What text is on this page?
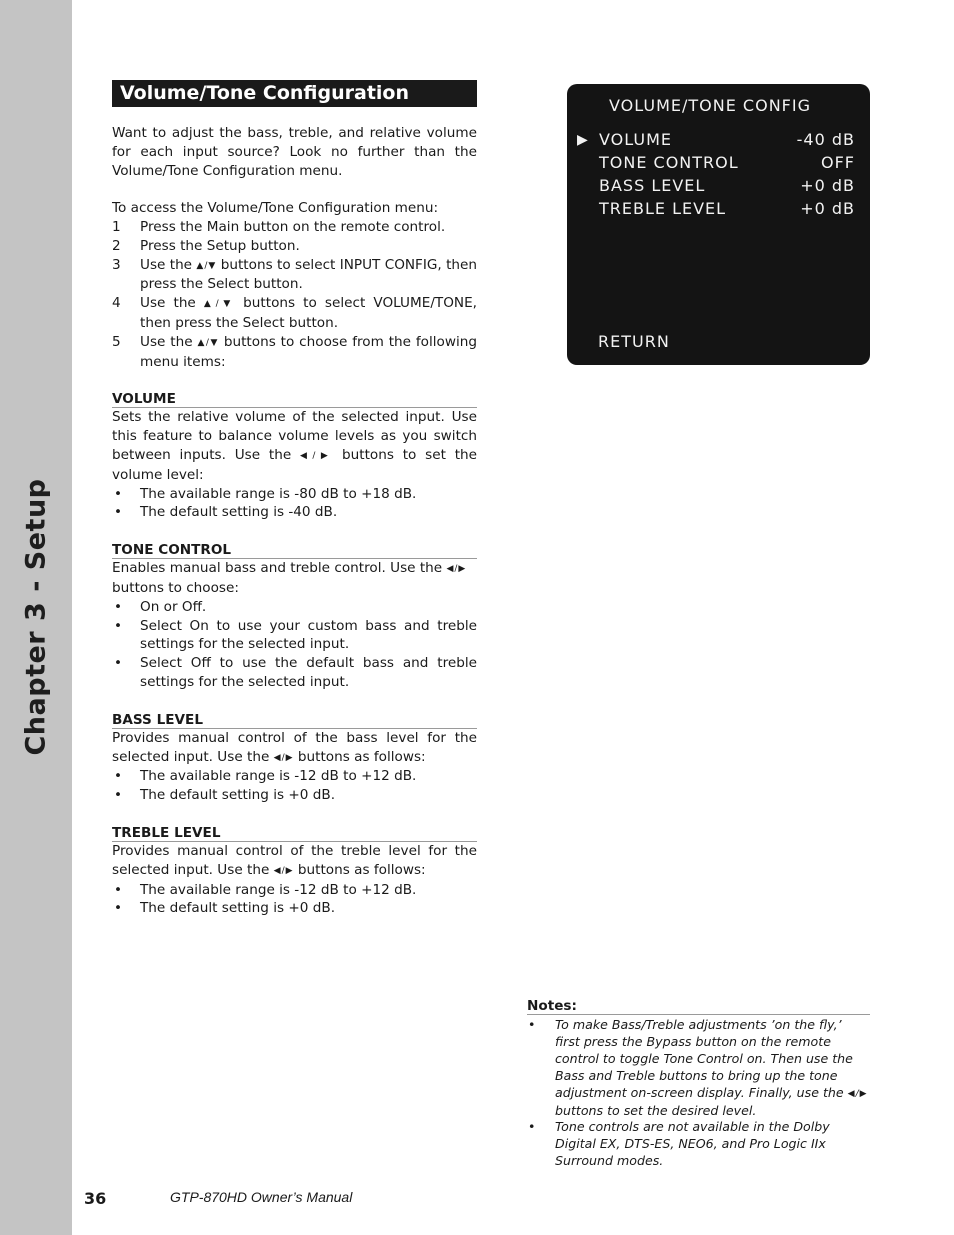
Chapter 3 - Setup
Volume/Tone Configuration

Want to adjust the bass, treble, and relative volume for each input source? Look no further than the Volume/Tone Configuration menu.

To access the Volume/Tone Configuration menu:

1 Press the Main button on the remote control.
2 Press the Setup button.
3 Use the ▲/▼ buttons to select INPUT CONFIG, then press the Select button.
4 Use the ▲/▼ buttons to select VOLUME/TONE, then press the Select button.
5 Use the ▲/▼ buttons to choose from the following menu items:
VOLUME

Sets the relative volume of the selected input. Use this feature to balance volume levels as you switch between inputs. Use the ◀/▶ buttons to set the volume level:

• The available range is -80 dB to +18 dB.
• The default setting is -40 dB.
TONE CONTROL

Enables manual bass and treble control. Use the ◀/▶ buttons to choose:

• On or Off.
• Select On to use your custom bass and treble settings for the selected input.
• Select Off to use the default bass and treble settings for the selected input.
BASS LEVEL

Provides manual control of the bass level for the selected input. Use the ◀/▶ buttons as follows:

• The available range is -12 dB to +12 dB.
• The default setting is +0 dB.
TREBLE LEVEL

Provides manual control of the treble level for the selected input. Use the ◀/▶ buttons as follows:

• The available range is -12 dB to +12 dB.
• The default setting is +0 dB.
VOLUME/TONE CONFIG
▶ VOLUME	-40 dB
TONE CONTROL	OFF
BASS LEVEL	+0 dB
TREBLE LEVEL	+0 dB
RETURN
Notes:
• To make Bass/Treble adjustments ’on the fly,’ first press the Bypass button on the remote control to toggle Tone Control on. Then use the Bass and Treble buttons to bring up the tone adjustment on-screen display. Finally, use the ◀/▶ buttons to set the desired level.
• Tone controls are not available in the Dolby Digital EX, DTS-ES, NEO6, and Pro Logic IIx Surround modes.
36	GTP-870HD Owner’s Manual
